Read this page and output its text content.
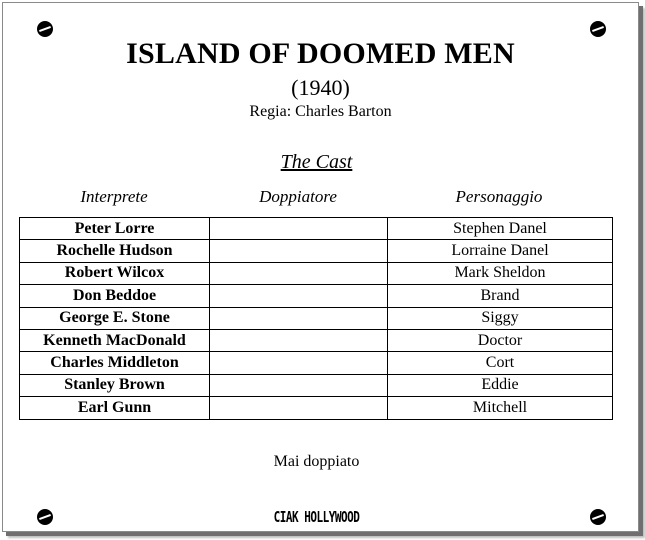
ISLAND OF DOOMED MEN
(1940)
Regia: Charles Barton
The Cast
Interprete	Doppiatore	Personaggio
Peter Lorre		Stephen Danel
Rochelle Hudson		Lorraine Danel
Robert Wilcox		Mark Sheldon
Don Beddoe		Brand
George E. Stone		Siggy
Kenneth MacDonald		Doctor
Charles Middleton		Cort
Stanley Brown		Eddie
Earl Gunn		Mitchell
Mai doppiato
CIAK HOLLYWOOD
